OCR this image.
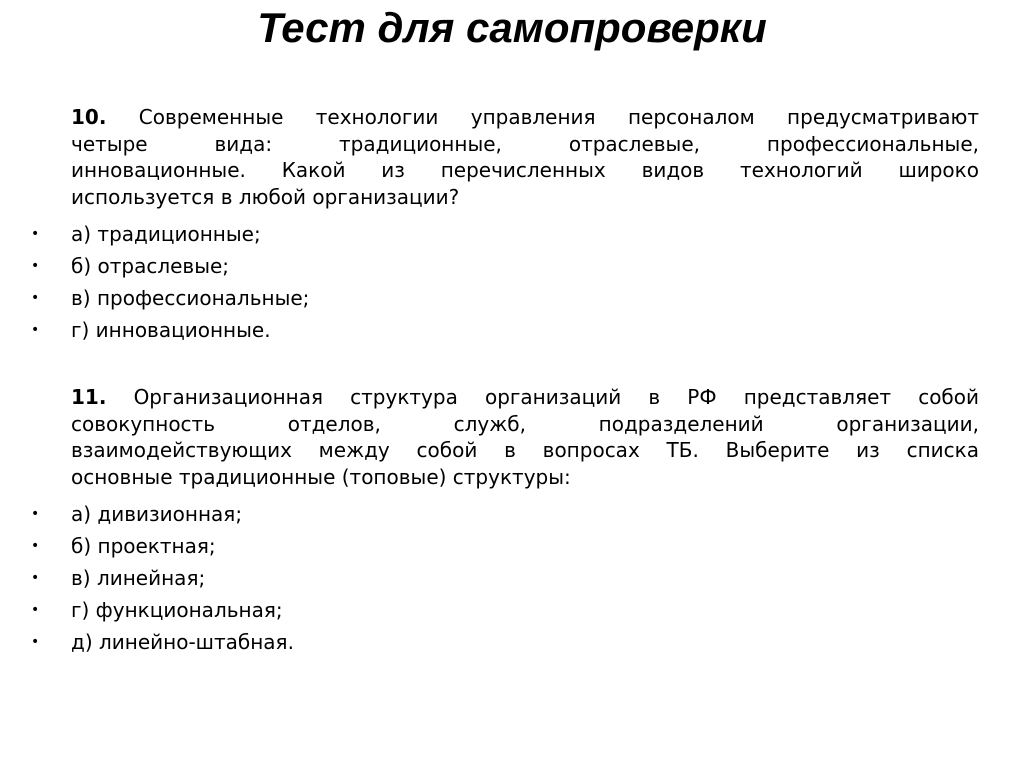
Тест для самопроверки
10. Современные технологии управления персоналом предусматривают
четыре вида: традиционные, отраслевые, профессиональные,
инновационные. Какой из перечисленных видов технологий широко
используется в любой организации?
• а) традиционные;
• б) отраслевые;
• в) профессиональные;
• г) инновационные.
11. Организационная структура организаций в РФ представляет собой
совокупность отделов, служб, подразделений организации,
взаимодействующих между собой в вопросах ТБ. Выберите из списка
основные традиционные (топовые) структуры:
• а) дивизионная;
• б) проектная;
• в) линейная;
• г) функциональная;
• д) линейно-штабная.
